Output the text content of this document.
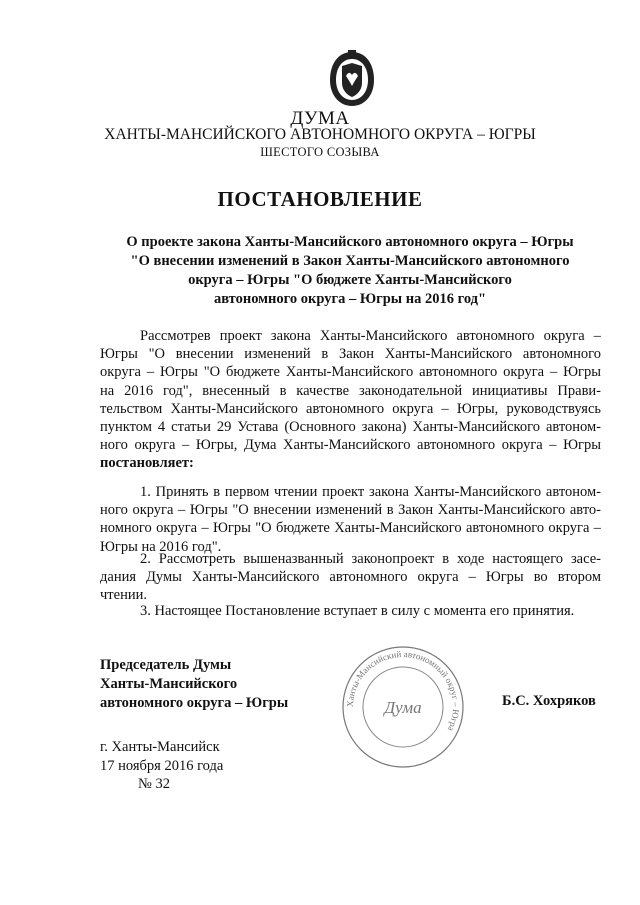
ДУМА
ХАНТЫ-МАНСИЙСКОГО АВТОНОМНОГО ОКРУГА – ЮГРЫ
ШЕСТОГО СОЗЫВА
ПОСТАНОВЛЕНИЕ
О проекте закона Ханты-Мансийского автономного округа – Югры
"О внесении изменений в Закон Ханты-Мансийского автономного
округа – Югры "О бюджете Ханты-Мансийского
автономного округа – Югры на 2016 год"
Рассмотрев проект закона Ханты-Мансийского автономного округа –
Югры "О внесении изменений в Закон Ханты-Мансийского автономного
округа – Югры "О бюджете Ханты-Мансийского автономного округа – Югры
на 2016 год", внесенный в качестве законодательной инициативы Прави-
тельством Ханты-Мансийского автономного округа – Югры, руководствуясь
пунктом 4 статьи 29 Устава (Основного закона) Ханты-Мансийского автоном-
ного округа – Югры, Дума Ханты-Мансийского автономного округа – Югры
постановляет:
1. Принять в первом чтении проект закона Ханты-Мансийского автоном-
ного округа – Югры "О внесении изменений в Закон Ханты-Мансийского авто-
номного округа – Югры "О бюджете Ханты-Мансийского автономного округа –
Югры на 2016 год".
2. Рассмотреть вышеназванный законопроект в ходе настоящего засе-
дания Думы Ханты-Мансийского автономного округа – Югры во втором
чтении.
3. Настоящее Постановление вступает в силу с момента его принятия.
Председатель Думы
Ханты-Мансийского
автономного округа – Югры	Ханты-Мансийский автономный округ – Югра
Дума	Б.С. Хохряков
г. Ханты-Мансийск
17 ноября 2016 года
№ 32
